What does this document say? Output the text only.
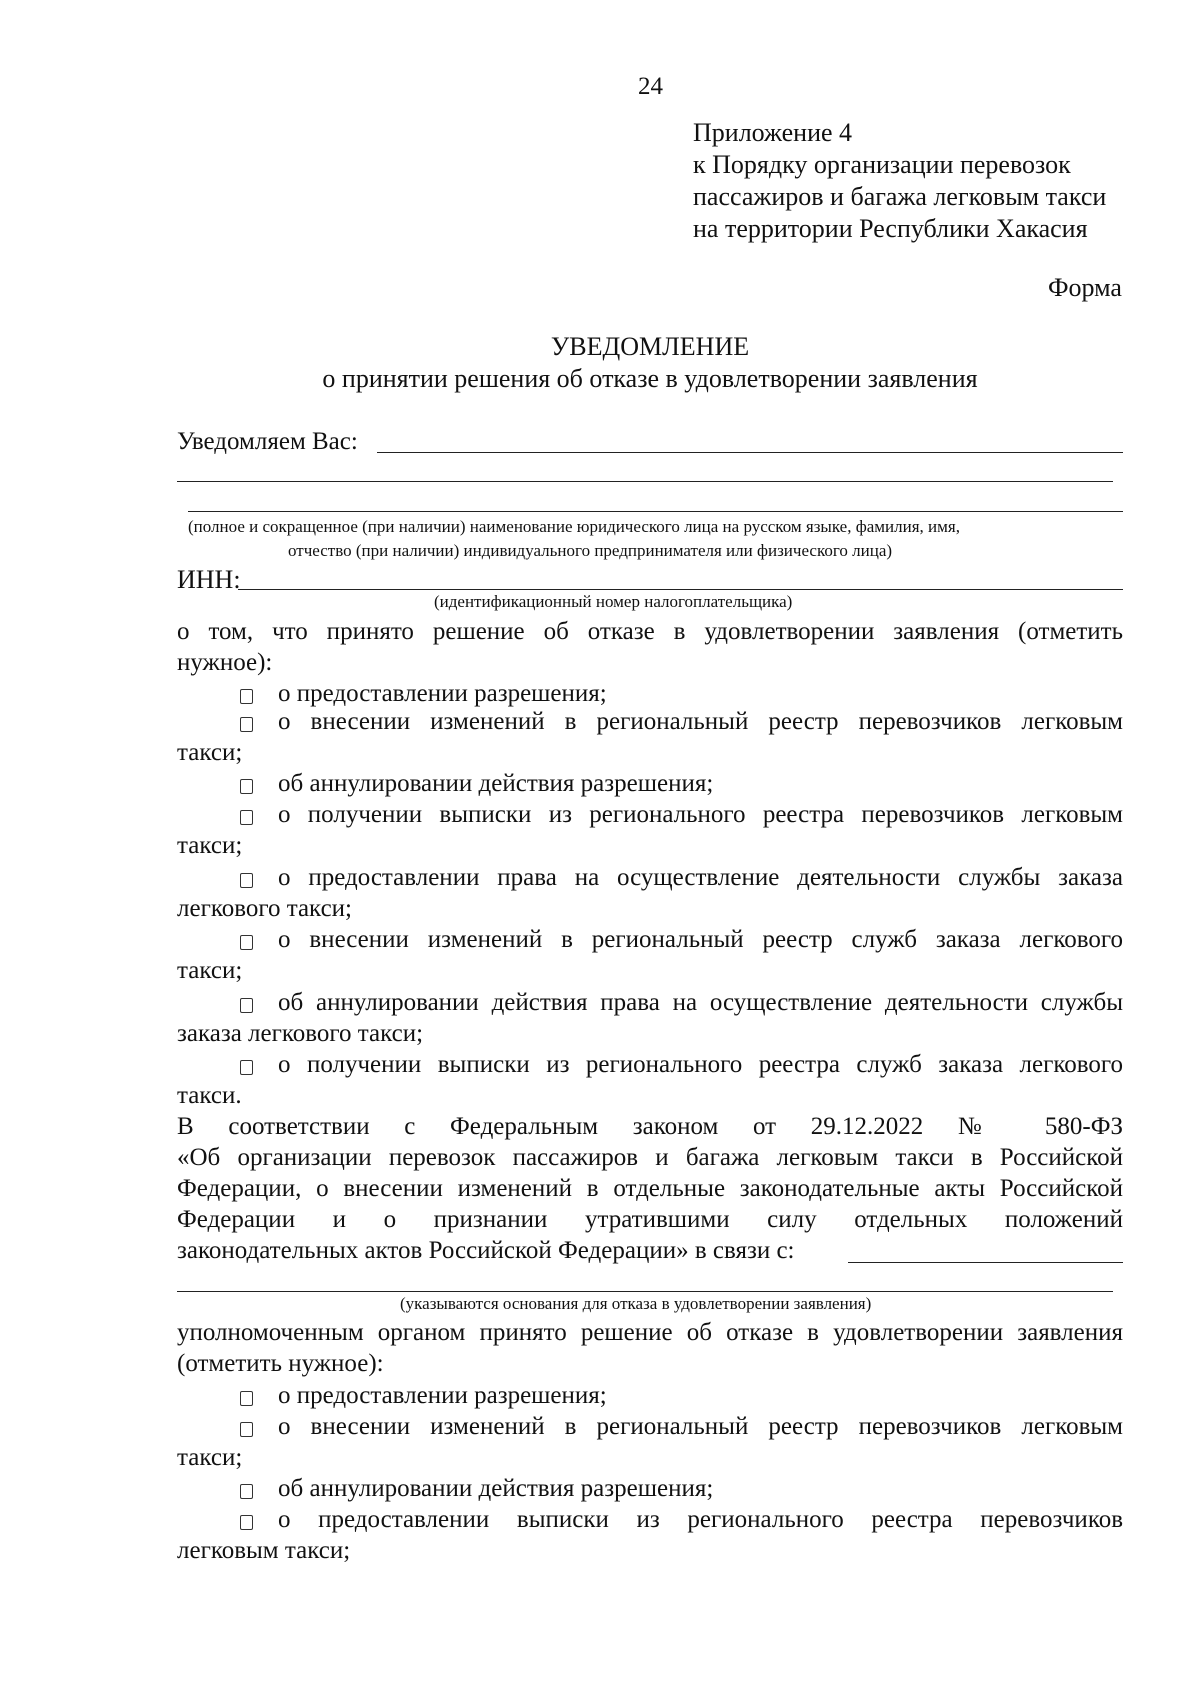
24
Приложение 4
к Порядку организации перевозок
пассажиров и багажа легковым такси
на территории Республики Хакасия
Форма
УВЕДОМЛЕНИЕ
о принятии решения об отказе в удовлетворении заявления
Уведомляем Вас:
(полное и сокращенное (при наличии) наименование юридического лица на русском языке, фамилия, имя,
отчество (при наличии) индивидуального предпринимателя или физического лица)
ИНН:
(идентификационный номер налогоплательщика)
о том, что принято решение об отказе в удовлетворении заявления (отметить
нужное):
о предоставлении разрешения;
о внесении изменений в региональный реестр перевозчиков легковым
такси;
об аннулировании действия разрешения;
о получении выписки из регионального реестра перевозчиков легковым
такси;
о предоставлении права на осуществление деятельности службы заказа
легкового такси;
о внесении изменений в региональный реестр служб заказа легкового
такси;
об аннулировании действия права на осуществление деятельности службы
заказа легкового такси;
о получении выписки из регионального реестра служб заказа легкового
такси.
В соответствии с Федеральным законом от 29.12.2022 № 580-ФЗ
«Об организации перевозок пассажиров и багажа легковым такси в Российской
Федерации, о внесении изменений в отдельные законодательные акты Российской
Федерации и о признании утратившими силу отдельных положений
законодательных актов Российской Федерации» в связи с:
(указываются основания для отказа в удовлетворении заявления)
уполномоченным органом принято решение об отказе в удовлетворении заявления
(отметить нужное):
о предоставлении разрешения;
о внесении изменений в региональный реестр перевозчиков легковым
такси;
об аннулировании действия разрешения;
о предоставлении выписки из регионального реестра перевозчиков
легковым такси;
